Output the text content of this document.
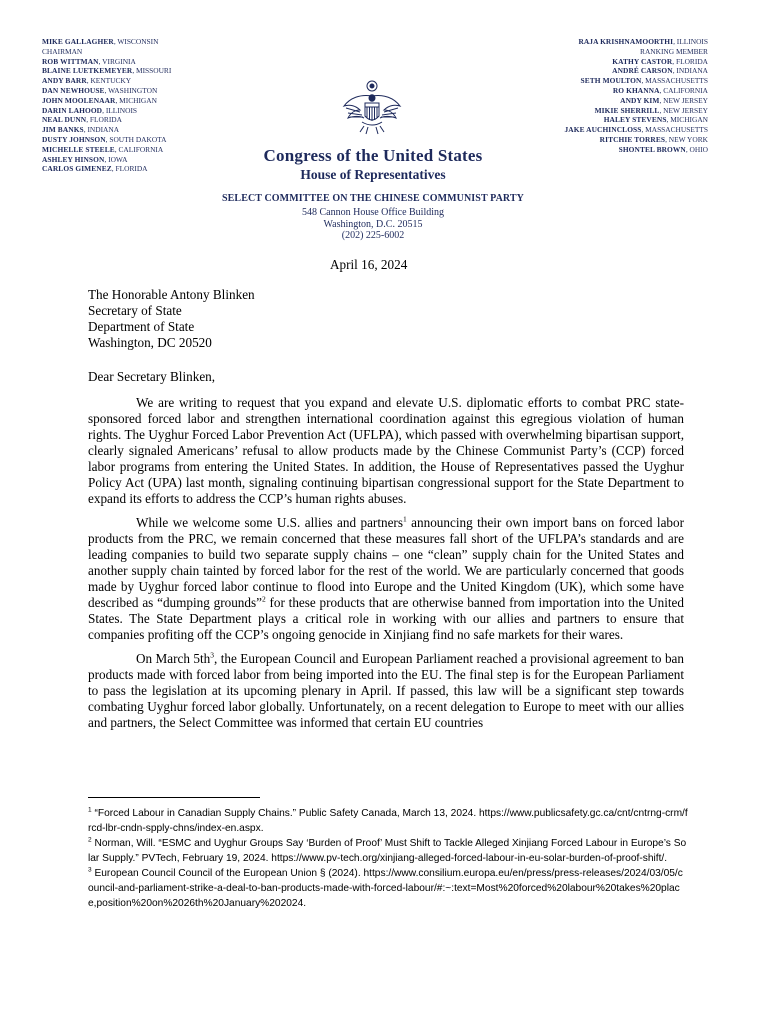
MIKE GALLAGHER, WISCONSIN
CHAIRMAN
ROB WITTMAN, VIRGINIA
BLAINE LUETKEMEYER, MISSOURI
ANDY BARR, KENTUCKY
DAN NEWHOUSE, WASHINGTON
JOHN MOOLENAAR, MICHIGAN
DARIN LAHOOD, ILLINOIS
NEAL DUNN, FLORIDA
JIM BANKS, INDIANA
DUSTY JOHNSON, SOUTH DAKOTA
MICHELLE STEELE, CALIFORNIA
ASHLEY HINSON, IOWA
CARLOS GIMENEZ, FLORIDA
RAJA KRISHNAMOORTHI, ILLINOIS
RANKING MEMBER
KATHY CASTOR, FLORIDA
ANDRÉ CARSON, INDIANA
SETH MOULTON, MASSACHUSETTS
RO KHANNA, CALIFORNIA
ANDY KIM, NEW JERSEY
MIKIE SHERRILL, NEW JERSEY
HALEY STEVENS, MICHIGAN
JAKE AUCHINCLOSS, MASSACHUSETTS
RITCHIE TORRES, NEW YORK
SHONTEL BROWN, OHIO
Congress of the United States
House of Representatives
SELECT COMMITTEE ON THE CHINESE COMMUNIST PARTY
548 Cannon House Office Building
Washington, D.C. 20515
(202) 225-6002
April 16, 2024
The Honorable Antony Blinken
Secretary of State
Department of State
Washington, DC 20520
Dear Secretary Blinken,

We are writing to request that you expand and elevate U.S. diplomatic efforts to combat PRC state-sponsored forced labor and strengthen international coordination against this egregious violation of human rights. The Uyghur Forced Labor Prevention Act (UFLPA), which passed with overwhelming bipartisan support, clearly signaled Americans’ refusal to allow products made by the Chinese Communist Party’s (CCP) forced labor programs from entering the United States. In addition, the House of Representatives passed the Uyghur Policy Act (UPA) last month, signaling continuing bipartisan congressional support for the State Department to expand its efforts to address the CCP’s human rights abuses.

While we welcome some U.S. allies and partners$^1$ announcing their own import bans on forced labor products from the PRC, we remain concerned that these measures fall short of the UFLPA’s standards and are leading companies to build two separate supply chains – one “clean” supply chain for the United States and another supply chain tainted by forced labor for the rest of the world. We are particularly concerned that goods made by Uyghur forced labor continue to flood into Europe and the United Kingdom (UK), which some have described as “dumping grounds”$^2$ for these products that are otherwise banned from importation into the United States. The State Department plays a critical role in working with our allies and partners to ensure that companies profiting off the CCP’s ongoing genocide in Xinjiang find no safe markets for their wares.

On March $5th^3$, the European Council and European Parliament reached a provisional agreement to ban products made with forced labor from being imported into the EU. The final step is for the European Parliament to pass the legislation at its upcoming plenary in April. If passed, this law will be a significant step towards combating Uyghur forced labor globally. Unfortunately, on a recent delegation to Europe to meet with our allies and partners, the Select Committee was informed that certain EU countries

$^1$ “Forced Labour in Canadian Supply Chains.” Public Safety Canada, March 13, 2024. https://www.publicsafety.gc.ca/cnt/cntrng-crm/frcd-lbr-cndn-spply-chns/index-en.aspx.
$^2$ Norman, Will. “ESMC and Uyghur Groups Say ‘Burden of Proof’ Must Shift to Tackle Alleged Xinjiang Forced Labour in Europe’s Solar Supply.” PVTech, February 19, 2024. https://www.pv-tech.org/xinjiang-alleged-forced-labour-in-eu-solar-burden-of-proof-shift/.
$^3$ European Council Council of the European Union § (2024). https://www.consilium.europa.eu/en/press/press-releases/2024/03/05/council-and-parliament-strike-a-deal-to-ban-products-made-with-forced-labour/#:~:text=Most%20forced%20labour%20takes%20place,position%20on%2026th%20January%202024.
